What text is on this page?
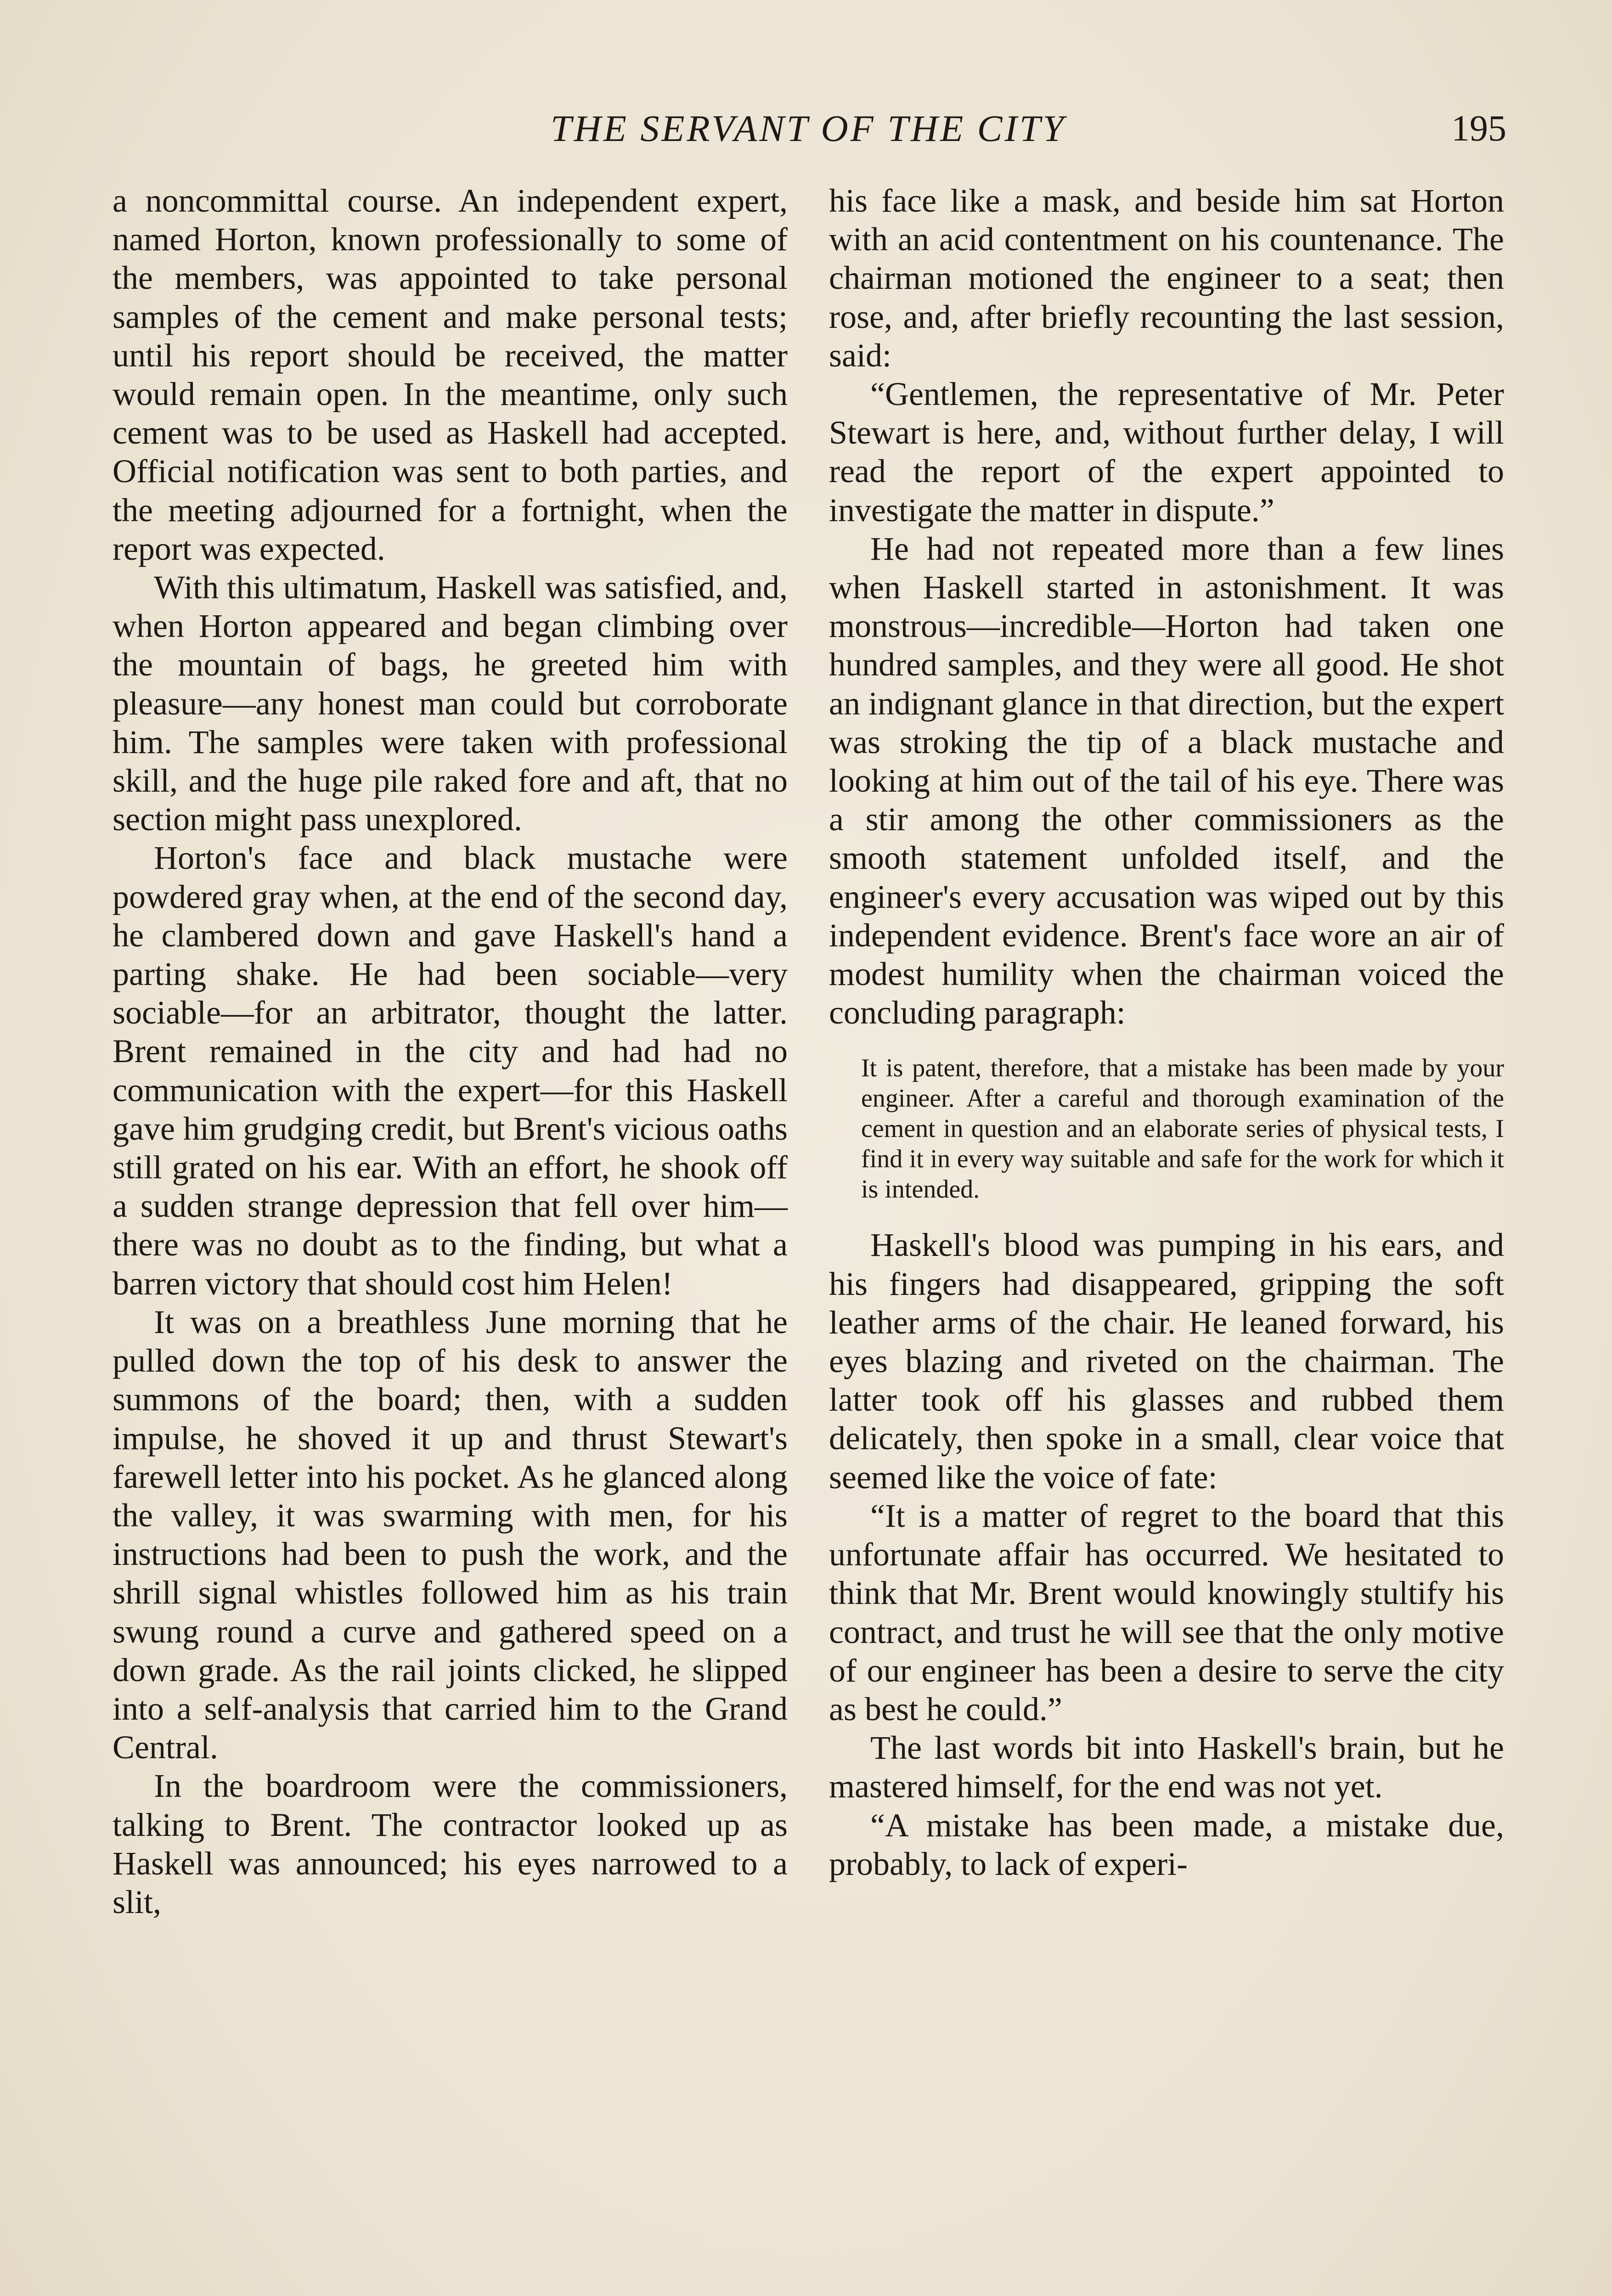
THE SERVANT OF THE CITY	195

a noncommittal course. An independent expert, named Horton, known professionally to some of the members, was appointed to take personal samples of the cement and make personal tests; until his report should be received, the matter would remain open. In the meantime, only such cement was to be used as Haskell had accepted. Official notification was sent to both parties, and the meeting adjourned for a fortnight, when the report was expected.

With this ultimatum, Haskell was satisfied, and, when Horton appeared and began climbing over the mountain of bags, he greeted him with pleasure—any honest man could but corroborate him. The samples were taken with professional skill, and the huge pile raked fore and aft, that no section might pass unexplored.

Horton's face and black mustache were powdered gray when, at the end of the second day, he clambered down and gave Haskell's hand a parting shake. He had been sociable—very sociable—for an arbitrator, thought the latter. Brent remained in the city and had had no communication with the expert—for this Haskell gave him grudging credit, but Brent's vicious oaths still grated on his ear. With an effort, he shook off a sudden strange depression that fell over him—there was no doubt as to the finding, but what a barren victory that should cost him Helen!

It was on a breathless June morning that he pulled down the top of his desk to answer the summons of the board; then, with a sudden impulse, he shoved it up and thrust Stewart's farewell letter into his pocket. As he glanced along the valley, it was swarming with men, for his instructions had been to push the work, and the shrill signal whistles followed him as his train swung round a curve and gathered speed on a down grade. As the rail joints clicked, he slipped into a self-analysis that carried him to the Grand Central.

In the boardroom were the commissioners, talking to Brent. The contractor looked up as Haskell was announced; his eyes narrowed to a slit,

his face like a mask, and beside him sat Horton with an acid contentment on his countenance. The chairman motioned the engineer to a seat; then rose, and, after briefly recounting the last session, said:

“Gentlemen, the representative of Mr. Peter Stewart is here, and, without further delay, I will read the report of the expert appointed to investigate the matter in dispute.”

He had not repeated more than a few lines when Haskell started in astonishment. It was monstrous—incredible—Horton had taken one hundred samples, and they were all good. He shot an indignant glance in that direction, but the expert was stroking the tip of a black mustache and looking at him out of the tail of his eye. There was a stir among the other commissioners as the smooth statement unfolded itself, and the engineer's every accusation was wiped out by this independent evidence. Brent's face wore an air of modest humility when the chairman voiced the concluding paragraph:

It is patent, therefore, that a mistake has been made by your engineer. After a careful and thorough examination of the cement in question and an elaborate series of physical tests, I find it in every way suitable and safe for the work for which it is intended.

Haskell's blood was pumping in his ears, and his fingers had disappeared, gripping the soft leather arms of the chair. He leaned forward, his eyes blazing and riveted on the chairman. The latter took off his glasses and rubbed them delicately, then spoke in a small, clear voice that seemed like the voice of fate:

“It is a matter of regret to the board that this unfortunate affair has occurred. We hesitated to think that Mr. Brent would knowingly stultify his contract, and trust he will see that the only motive of our engineer has been a desire to serve the city as best he could.”

The last words bit into Haskell's brain, but he mastered himself, for the end was not yet.

“A mistake has been made, a mistake due, probably, to lack of experi-
